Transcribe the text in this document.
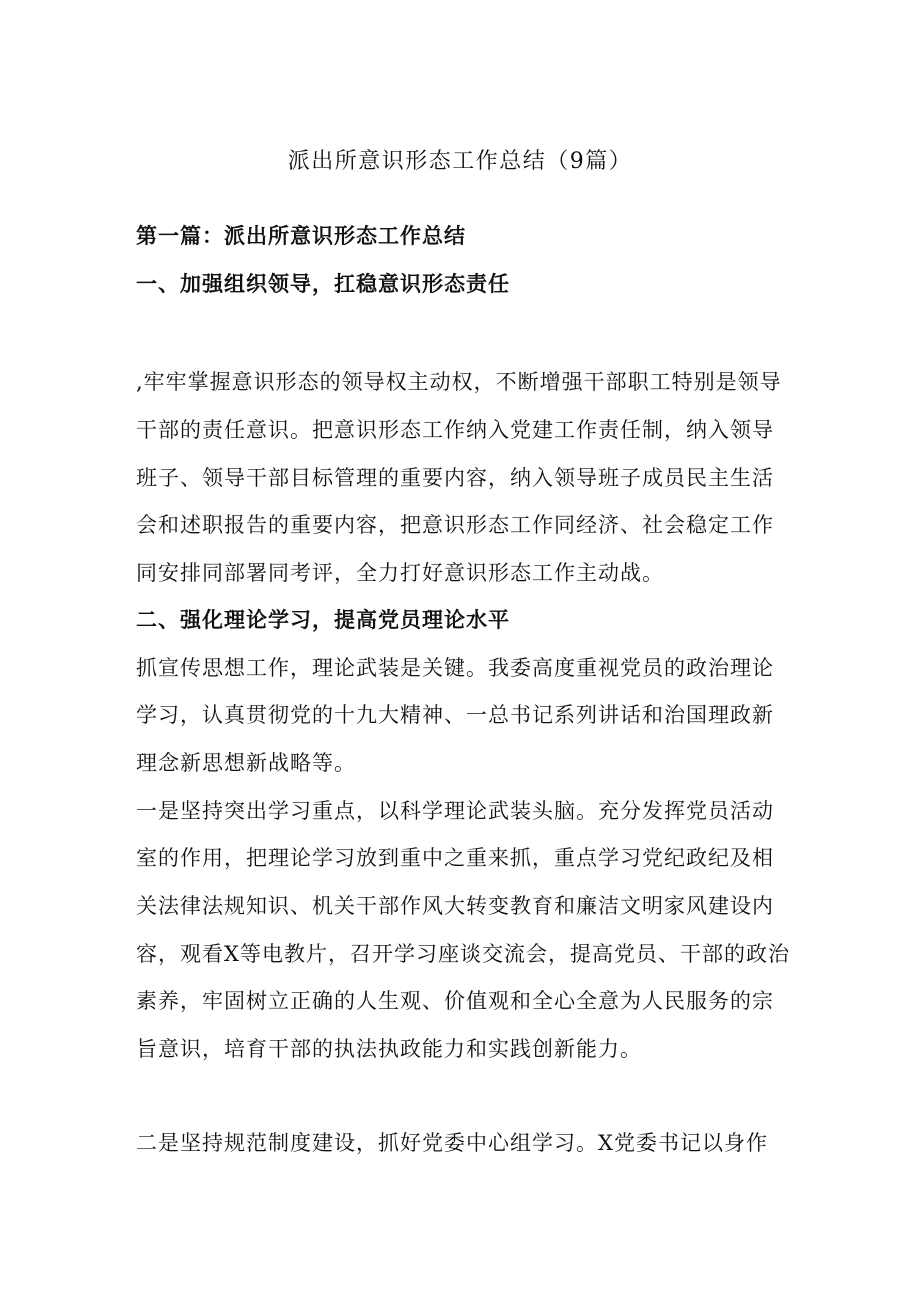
派出所意识形态工作总结（9篇）

第一篇：派出所意识形态工作总结

一、加强组织领导，扛稳意识形态责任

,牢牢掌握意识形态的领导权主动权，不断增强干部职工特别是领导

干部的责任意识。把意识形态工作纳入党建工作责任制，纳入领导

班子、领导干部目标管理的重要内容，纳入领导班子成员民主生活

会和述职报告的重要内容，把意识形态工作同经济、社会稳定工作

同安排同部署同考评，全力打好意识形态工作主动战。

二、强化理论学习，提高党员理论水平

抓宣传思想工作，理论武装是关键。我委高度重视党员的政治理论

学习，认真贯彻党的十九大精神、一总书记系列讲话和治国理政新

理念新思想新战略等。

一是坚持突出学习重点，以科学理论武装头脑。充分发挥党员活动

室的作用，把理论学习放到重中之重来抓，重点学习党纪政纪及相

关法律法规知识、机关干部作风大转变教育和廉洁文明家风建设内

容，观看X等电教片，召开学习座谈交流会，提高党员、干部的政治

素养，牢固树立正确的人生观、价值观和全心全意为人民服务的宗

旨意识，培育干部的执法执政能力和实践创新能力。

二是坚持规范制度建设，抓好党委中心组学习。X党委书记以身作
